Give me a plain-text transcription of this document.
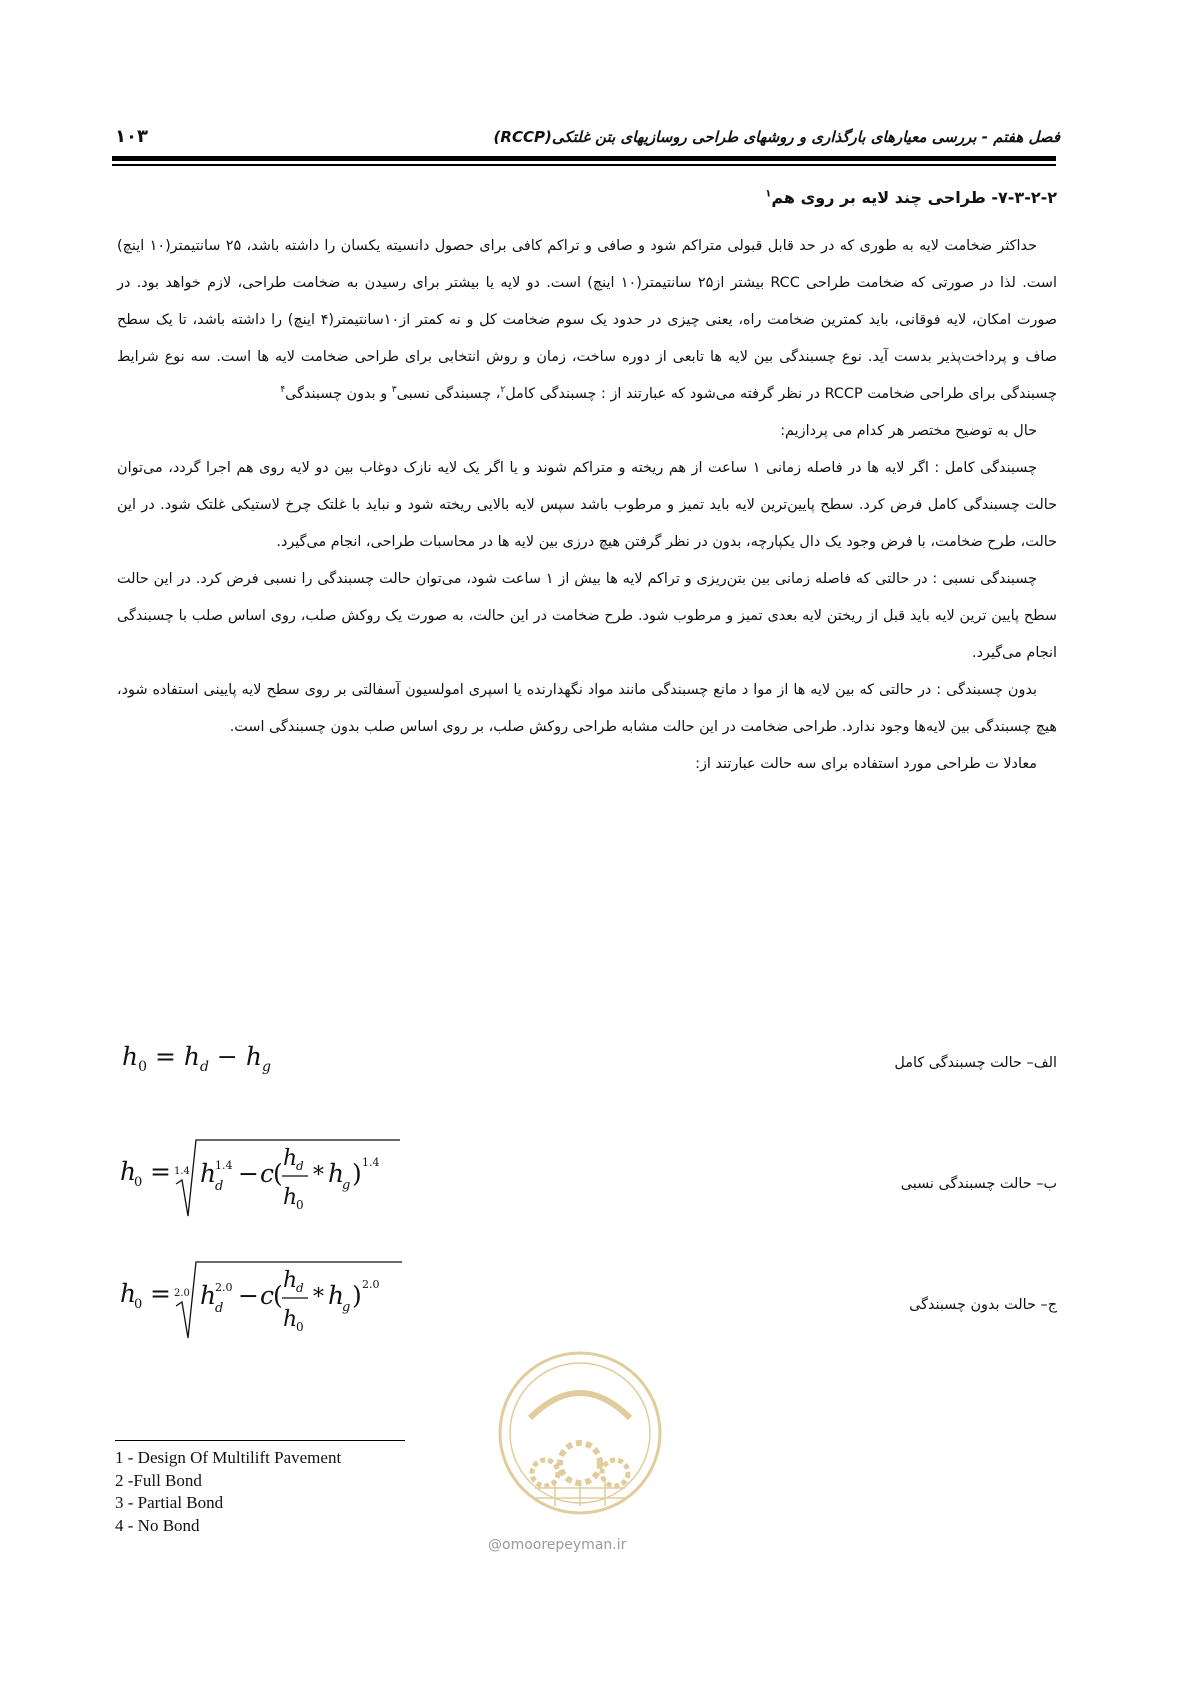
فصل هفتم - بررسی معیارهای بارگذاری و روشهای طراحی روسازیهای بتن غلتکی(RCCP)
۱۰۳
۷-۳-۲-۲- طراحی چند لایه بر روی هم$^۱$

حداکثر ضخامت لایه به طوری که در حد قابل قبولی متراکم شود و صافی و تراکم کافی برای حصول دانسیته یکسان را داشته باشد، ۲۵ سانتیمتر(۱۰ اینچ) است. لذا در صورتی که ضخامت طراحی RCC بیشتر از۲۵ سانتیمتر(۱۰ اینچ) است. دو لایه یا بیشتر برای رسیدن به ضخامت طراحی، لازم خواهد بود. در صورت امکان، لایه فوقانی، باید کمترین ضخامت راه، یعنی چیزی در حدود یک سوم ضخامت کل و نه کمتر از۱۰سانتیمتر(۴ اینچ) را داشته باشد، تا یک سطح صاف و پرداخت‌پذیر بدست آید. نوع چسبندگی بین لایه ها تابعی از دوره ساخت، زمان و روش انتخابی برای طراحی ضخامت لایه ها است. سه نوع شرایط چسبندگی برای طراحی ضخامت RCCP در نظر گرفته می‌شود که عبارتند از : چسبندگی کامل$^۲$، چسبندگی نسبی$^۳$ و بدون چسبندگی$^۴$

حال به توضیح مختصر هر کدام می پردازیم:

چسبندگی کامل : اگر لایه ها در فاصله زمانی ۱ ساعت از هم ریخته و متراکم شوند و یا اگر یک لایه نازک دوغاب بین دو لایه روی هم اجرا گردد، می‌توان حالت چسبندگی کامل فرض کرد. سطح پایین‌ترین لایه باید تمیز و مرطوب باشد سپس لایه بالایی ریخته شود و نباید با غلتک چرخ لاستیکی غلتک شود. در این حالت، طرح ضخامت، با فرض وجود یک دال یکپارچه، بدون در نظر گرفتن هیچ درزی بین لایه ها در محاسبات طراحی، انجام می‌گیرد.

چسبندگی نسبی : در حالتی که فاصله زمانی بین بتن‌ریزی و تراکم لایه ها بیش از ۱ ساعت شود، می‌توان حالت چسبندگی را نسبی فرض کرد. در این حالت سطح پایین ترین لایه باید قبل از ریختن لایه بعدی تمیز و مرطوب شود. طرح ضخامت در این حالت، به صورت یک روکش صلب، روی اساس صلب با چسبندگی انجام می‌گیرد.

بدون چسبندگی : در حالتی که بین لایه ها از موا د مانع چسبندگی مانند مواد نگهدارنده یا اسپری امولسیون آسفالتی بر روی سطح لایه پایینی استفاده شود، هیچ چسبندگی بین لایه‌ها وجود ندارد. طراحی ضخامت در این حالت مشابه طراحی روکش صلب، بر روی اساس صلب بدون چسبندگی است.

معادلا ت طراحی مورد استفاده برای سه حالت عبارتند از:

الف– حالت چسبندگی کامل
ب– حالت چسبندگی نسبی
ج– حالت بدون چسبندگی
$h_0 = h_d - h_g$
h
0 = 1.4 h
1.4
d − c
(
h
d
h
0
* h
g ) 1.4
h
0 = 2.0 h
2.0
d − c
(
h
d
h
0
* h
g ) 2.0
@omoorepeyman.ir
1 - Design Of Multilift Pavement
2 -Full Bond
3 - Partial Bond
4 - No Bond
